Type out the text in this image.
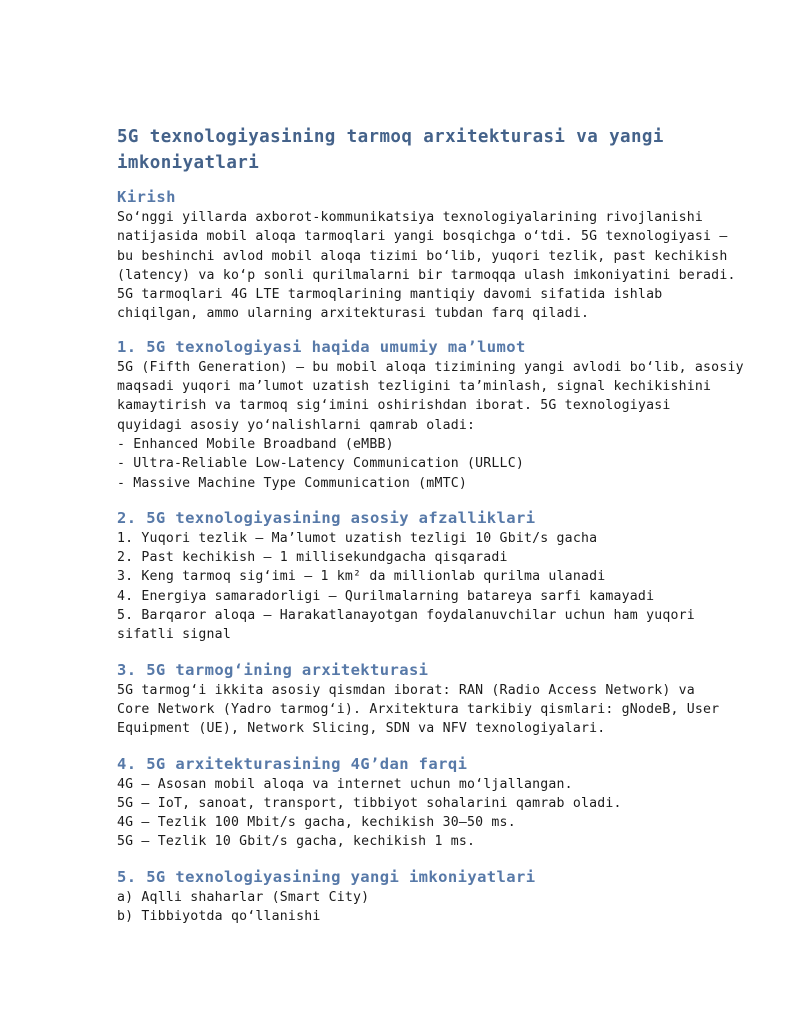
5G texnologiyasining tarmoq arxitekturasi va yangi
imkoniyatlari
Kirish

So‘nggi yillarda axborot-kommunikatsiya texnologiyalarining rivojlanishi
natijasida mobil aloqa tarmoqlari yangi bosqichga o‘tdi. 5G texnologiyasi –
bu beshinchi avlod mobil aloqa tizimi bo‘lib, yuqori tezlik, past kechikish
(latency) va ko‘p sonli qurilmalarni bir tarmoqqa ulash imkoniyatini beradi.
5G tarmoqlari 4G LTE tarmoqlarining mantiqiy davomi sifatida ishlab
chiqilgan, ammo ularning arxitekturasi tubdan farq qiladi.

1. 5G texnologiyasi haqida umumiy ma’lumot

5G (Fifth Generation) – bu mobil aloqa tizimining yangi avlodi bo‘lib, asosiy
maqsadi yuqori ma’lumot uzatish tezligini ta’minlash, signal kechikishini
kamaytirish va tarmoq sig‘imini oshirishdan iborat. 5G texnologiyasi
quyidagi asosiy yo‘nalishlarni qamrab oladi:

- Enhanced Mobile Broadband (eMBB)
- Ultra-Reliable Low-Latency Communication (URLLC)
- Massive Machine Type Communication (mMTC)
2. 5G texnologiyasining asosiy afzalliklari
1. Yuqori tezlik – Ma’lumot uzatish tezligi 10 Gbit/s gacha
2. Past kechikish – 1 millisekundgacha qisqaradi
3. Keng tarmoq sig‘imi – 1 km² da millionlab qurilma ulanadi
4. Energiya samaradorligi – Qurilmalarning batareya sarfi kamayadi
5. Barqaror aloqa – Harakatlanayotgan foydalanuvchilar uchun ham yuqori
sifatli signal
3. 5G tarmog‘ining arxitekturasi

5G tarmog‘i ikkita asosiy qismdan iborat: RAN (Radio Access Network) va
Core Network (Yadro tarmog‘i). Arxitektura tarkibiy qismlari: gNodeB, User
Equipment (UE), Network Slicing, SDN va NFV texnologiyalari.

4. 5G arxitekturasining 4G’dan farqi
4G – Asosan mobil aloqa va internet uchun mo‘ljallangan.
5G – IoT, sanoat, transport, tibbiyot sohalarini qamrab oladi.
4G – Tezlik 100 Mbit/s gacha, kechikish 30–50 ms.
5G – Tezlik 10 Gbit/s gacha, kechikish 1 ms.
5. 5G texnologiyasining yangi imkoniyatlari
a) Aqlli shaharlar (Smart City)
b) Tibbiyotda qo‘llanishi
